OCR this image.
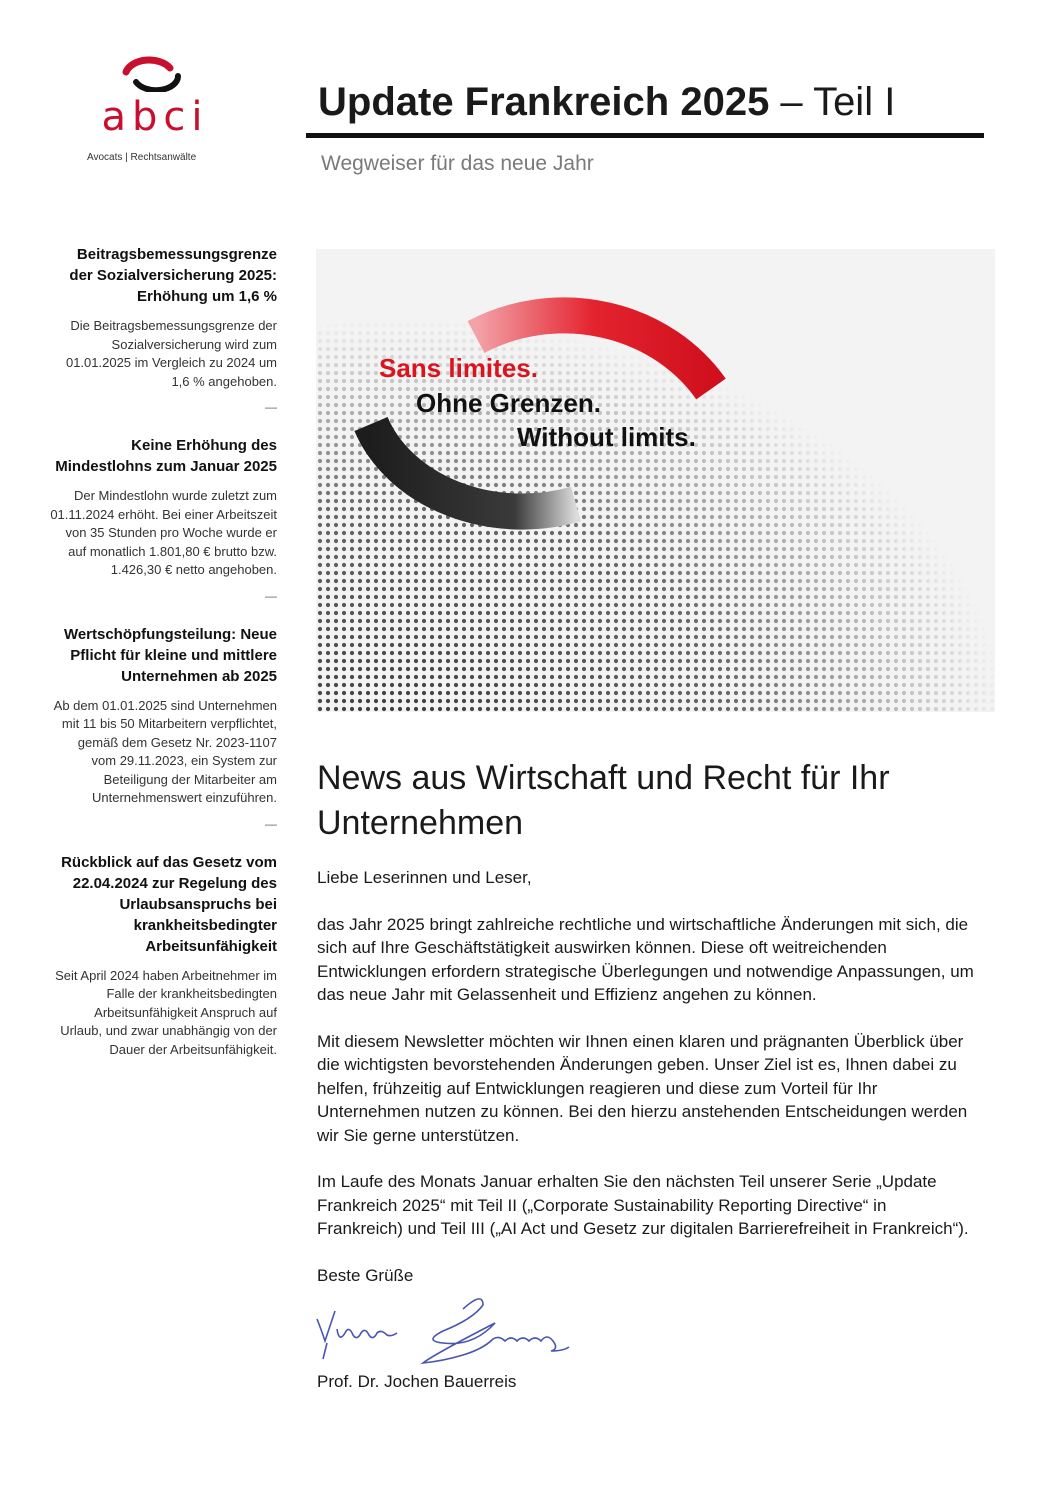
abci
Avocats | Rechtsanwälte
Update Frankreich 2025 – Teil I
Wegweiser für das neue Jahr
Beitragsbemessungsgrenze der Sozialversicherung 2025: Erhöhung um 1,6 %
Die Beitragsbemessungsgrenze der Sozialversicherung wird zum 01.01.2025 im Vergleich zu 2024 um 1,6 % angehoben.
—
Keine Erhöhung des Mindestlohns zum Januar 2025
Der Mindestlohn wurde zuletzt zum 01.11.2024 erhöht. Bei einer Arbeitszeit von 35 Stunden pro Woche wurde er auf monatlich 1.801,80 € brutto bzw. 1.426,30 € netto angehoben.
—
Wertschöpfungsteilung: Neue Pflicht für kleine und mittlere Unternehmen ab 2025
Ab dem 01.01.2025 sind Unternehmen mit 11 bis 50 Mitarbeitern verpflichtet, gemäß dem Gesetz Nr. 2023-1107 vom 29.11.2023, ein System zur Beteiligung der Mitarbeiter am Unternehmenswert einzuführen.
—
Rückblick auf das Gesetz vom 22.04.2024 zur Regelung des Urlaubsanspruchs bei krankheitsbedingter Arbeitsunfähigkeit
Seit April 2024 haben Arbeitnehmer im Falle der krankheitsbedingten Arbeitsunfähigkeit Anspruch auf Urlaub, und zwar unabhängig von der Dauer der Arbeitsunfähigkeit.
Sans limites.
Ohne Grenzen.
Without limits.
News aus Wirtschaft und Recht für Ihr Unternehmen

Liebe Leserinnen und Leser,

das Jahr 2025 bringt zahlreiche rechtliche und wirtschaftliche Änderungen mit sich, die sich auf Ihre Geschäftstätigkeit auswirken können. Diese oft weitreichenden Entwicklungen erfordern strategische Überlegungen und notwendige Anpassungen, um das neue Jahr mit Gelassenheit und Effizienz angehen zu können.

Mit diesem Newsletter möchten wir Ihnen einen klaren und prägnanten Überblick über die wichtigsten bevorstehenden Änderungen geben. Unser Ziel ist es, Ihnen dabei zu helfen, frühzeitig auf Entwicklungen reagieren und diese zum Vorteil für Ihr Unternehmen nutzen zu können. Bei den hierzu anstehenden Entscheidungen werden wir Sie gerne unterstützen.

Im Laufe des Monats Januar erhalten Sie den nächsten Teil unserer Serie „Update Frankreich 2025“ mit Teil II („Corporate Sustainability Reporting Directive“ in Frankreich) und Teil III („AI Act und Gesetz zur digitalen Barrierefreiheit in Frankreich“).

Beste Grüße

Prof. Dr. Jochen Bauerreis
